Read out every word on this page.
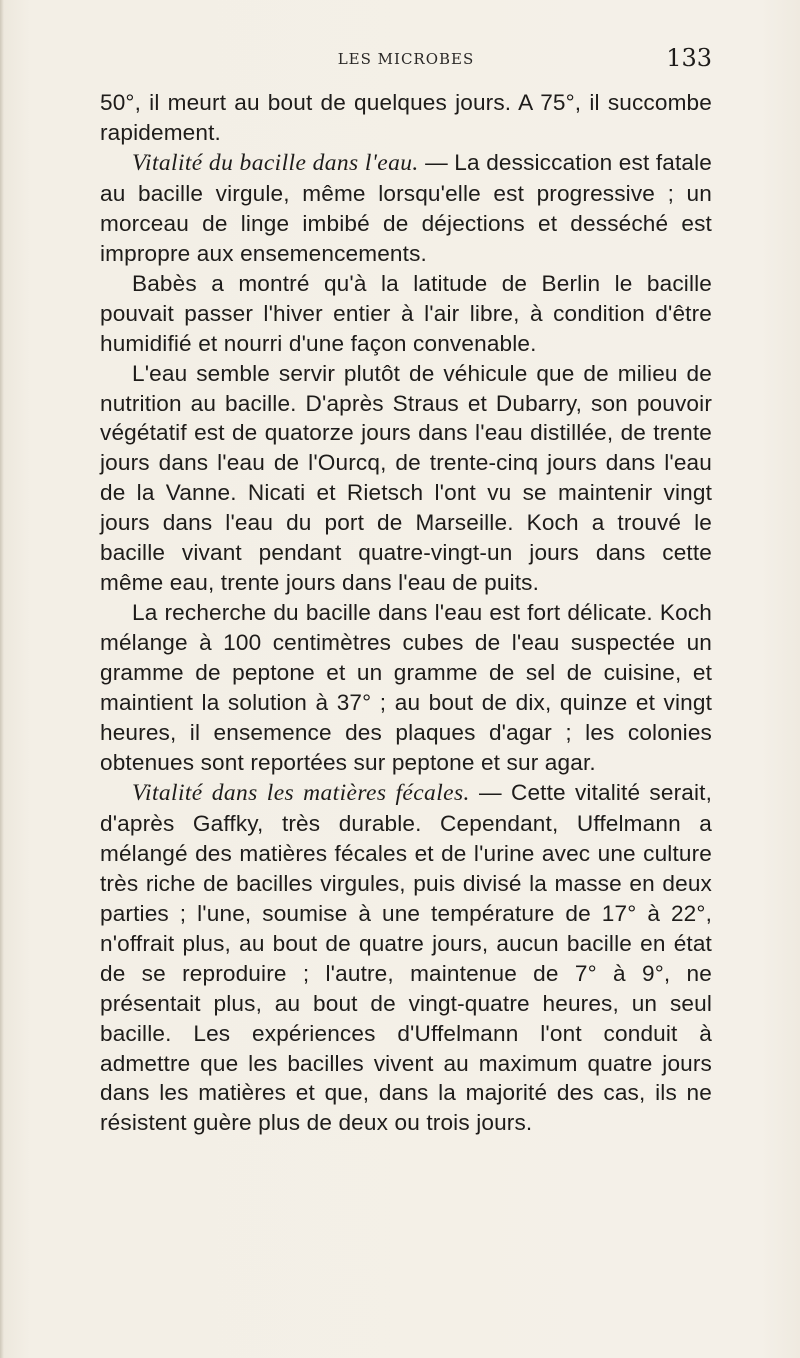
LES MICROBES	133

50°, il meurt au bout de quelques jours. A 75°, il succombe rapidement.

Vitalité du bacille dans l'eau. — La dessiccation est fatale au bacille virgule, même lorsqu'elle est progressive ; un morceau de linge imbibé de déjections et desséché est impropre aux ensemencements.

Babès a montré qu'à la latitude de Berlin le bacille pouvait passer l'hiver entier à l'air libre, à condition d'être humidifié et nourri d'une façon convenable.

L'eau semble servir plutôt de véhicule que de milieu de nutrition au bacille. D'après Straus et Dubarry, son pouvoir végétatif est de quatorze jours dans l'eau distillée, de trente jours dans l'eau de l'Ourcq, de trente-cinq jours dans l'eau de la Vanne. Nicati et Rietsch l'ont vu se maintenir vingt jours dans l'eau du port de Marseille. Koch a trouvé le bacille vivant pendant quatre-vingt-un jours dans cette même eau, trente jours dans l'eau de puits.

La recherche du bacille dans l'eau est fort délicate. Koch mélange à 100 centimètres cubes de l'eau suspectée un gramme de peptone et un gramme de sel de cuisine, et maintient la solution à 37° ; au bout de dix, quinze et vingt heures, il ensemence des plaques d'agar ; les colonies obtenues sont reportées sur peptone et sur agar.

Vitalité dans les matières fécales. — Cette vitalité serait, d'après Gaffky, très durable. Cependant, Uffelmann a mélangé des matières fécales et de l'urine avec une culture très riche de bacilles virgules, puis divisé la masse en deux parties ; l'une, soumise à une température de 17° à 22°, n'offrait plus, au bout de quatre jours, aucun bacille en état de se reproduire ; l'autre, maintenue de 7° à 9°, ne présentait plus, au bout de vingt-quatre heures, un seul bacille. Les expériences d'Uffelmann l'ont conduit à admettre que les bacilles vivent au maximum quatre jours dans les matières et que, dans la majorité des cas, ils ne résistent guère plus de deux ou trois jours.
